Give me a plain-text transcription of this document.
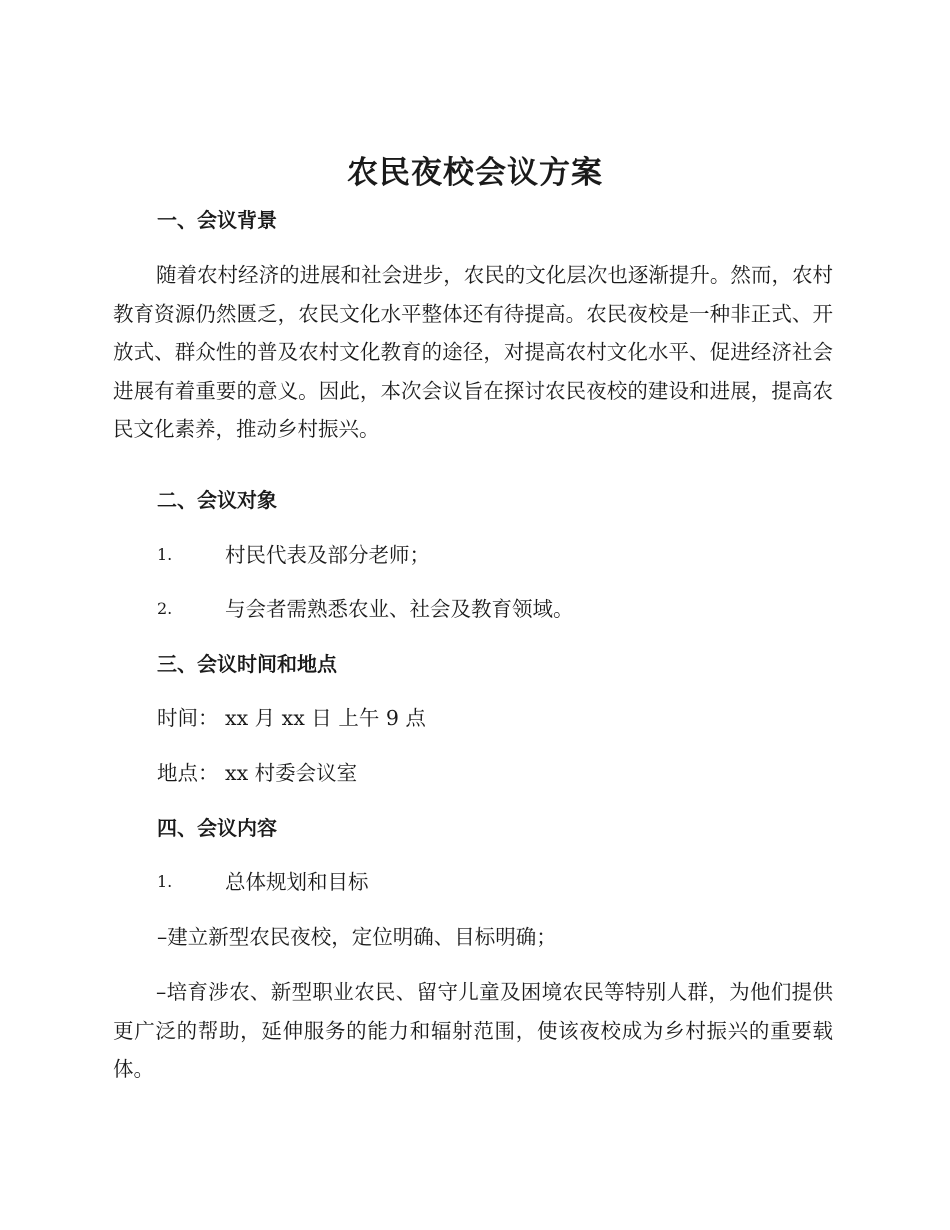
农民夜校会议方案
一、会议背景
随着农村经济的进展和社会进步，农民的文化层次也逐渐提升。然而，农村教育资源仍然匮乏，农民文化水平整体还有待提高。农民夜校是一种非正式、开放式、群众性的普及农村文化教育的途径，对提高农村文化水平、促进经济社会进展有着重要的意义。因此，本次会议旨在探讨农民夜校的建设和进展，提高农民文化素养，推动乡村振兴。
二、会议对象
1.	村民代表及部分老师；
2.	与会者需熟悉农业、社会及教育领域。
三、会议时间和地点
时间： xx 月 xx 日 上午 9 点
地点： xx 村委会议室
四、会议内容
1.	总体规划和目标
–建立新型农民夜校，定位明确、目标明确；
–培育涉农、新型职业农民、留守儿童及困境农民等特别人群，为他们提供更广泛的帮助，延伸服务的能力和辐射范围，使该夜校成为乡村振兴的重要载体。
